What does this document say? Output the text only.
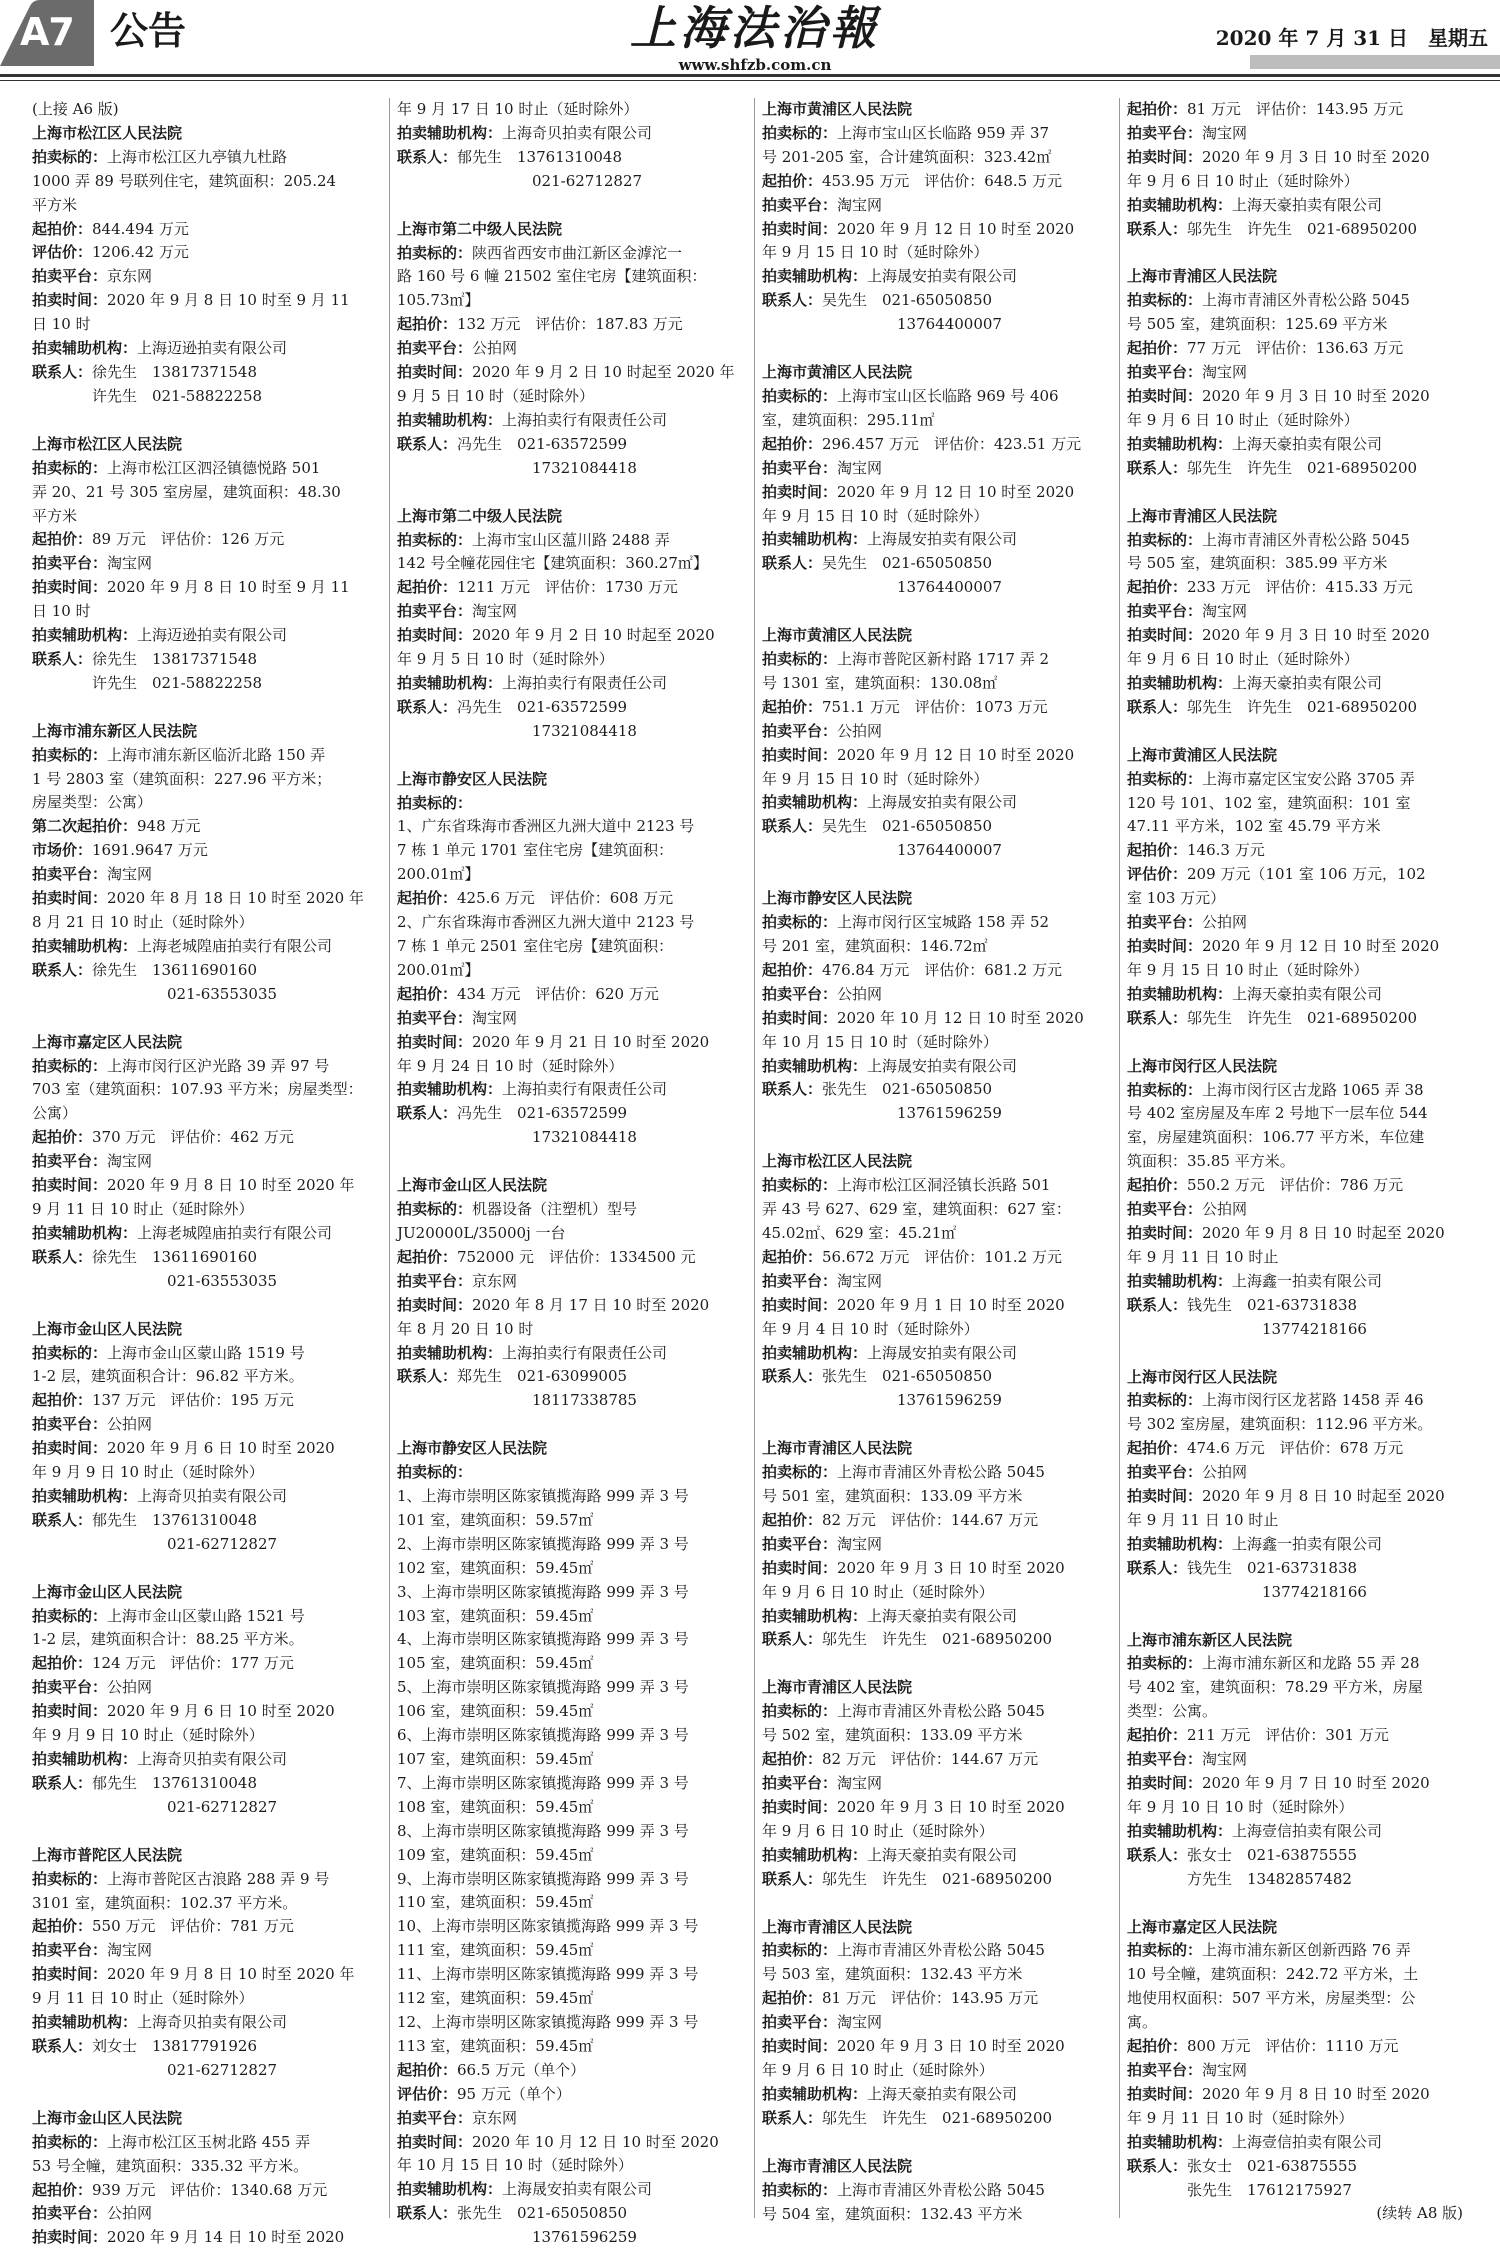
A7 公告	上海法治報
www.shfzb.com.cn
2020 年 7 月 31 日　星期五
(上接 A6 版)
上海市松江区人民法院
拍卖标的：上海市松江区九亭镇九杜路
1000 弄 89 号联列住宅，建筑面积：205.24
平方米
起拍价：844.494 万元
评估价：1206.42 万元
拍卖平台：京东网
拍卖时间：2020 年 9 月 8 日 10 时至 9 月 11
日 10 时
拍卖辅助机构：上海迈逊拍卖有限公司
联系人：徐先生　13817371548
　　　　许先生　021-58822258
上海市松江区人民法院
拍卖标的：上海市松江区泗泾镇德悦路 501
弄 20、21 号 305 室房屋，建筑面积：48.30
平方米
起拍价：89 万元　评估价：126 万元
拍卖平台：淘宝网
拍卖时间：2020 年 9 月 8 日 10 时至 9 月 11
日 10 时
拍卖辅助机构：上海迈逊拍卖有限公司
联系人：徐先生　13817371548
　　　　许先生　021-58822258
上海市浦东新区人民法院
拍卖标的：上海市浦东新区临沂北路 150 弄
1 号 2803 室（建筑面积：227.96 平方米；
房屋类型：公寓）
第二次起拍价：948 万元
市场价：1691.9647 万元
拍卖平台：淘宝网
拍卖时间：2020 年 8 月 18 日 10 时至 2020 年
8 月 21 日 10 时止（延时除外）
拍卖辅助机构：上海老城隍庙拍卖行有限公司
联系人：徐先生　13611690160
　　　　　　　　　021-63553035
上海市嘉定区人民法院
拍卖标的：上海市闵行区沪光路 39 弄 97 号
703 室（建筑面积：107.93 平方米；房屋类型：
公寓）
起拍价：370 万元　评估价：462 万元
拍卖平台：淘宝网
拍卖时间：2020 年 9 月 8 日 10 时至 2020 年
9 月 11 日 10 时止（延时除外）
拍卖辅助机构：上海老城隍庙拍卖行有限公司
联系人：徐先生　13611690160
　　　　　　　　　021-63553035
上海市金山区人民法院
拍卖标的：上海市金山区蒙山路 1519 号
1-2 层，建筑面积合计：96.82 平方米。
起拍价：137 万元　评估价：195 万元
拍卖平台：公拍网
拍卖时间：2020 年 9 月 6 日 10 时至 2020
年 9 月 9 日 10 时止（延时除外）
拍卖辅助机构：上海奇贝拍卖有限公司
联系人：郁先生　13761310048
　　　　　　　　　021-62712827
上海市金山区人民法院
拍卖标的：上海市金山区蒙山路 1521 号
1-2 层，建筑面积合计：88.25 平方米。
起拍价：124 万元　评估价：177 万元
拍卖平台：公拍网
拍卖时间：2020 年 9 月 6 日 10 时至 2020
年 9 月 9 日 10 时止（延时除外）
拍卖辅助机构：上海奇贝拍卖有限公司
联系人：郁先生　13761310048
　　　　　　　　　021-62712827
上海市普陀区人民法院
拍卖标的：上海市普陀区古浪路 288 弄 9 号
3101 室，建筑面积：102.37 平方米。
起拍价：550 万元　评估价：781 万元
拍卖平台：淘宝网
拍卖时间：2020 年 9 月 8 日 10 时至 2020 年
9 月 11 日 10 时止（延时除外）
拍卖辅助机构：上海奇贝拍卖有限公司
联系人：刘女士　13817791926
　　　　　　　　　021-62712827
上海市金山区人民法院
拍卖标的：上海市松江区玉树北路 455 弄
53 号全幢，建筑面积：335.32 平方米。
起拍价：939 万元　评估价：1340.68 万元
拍卖平台：公拍网
拍卖时间：2020 年 9 月 14 日 10 时至 2020
年 9 月 17 日 10 时止（延时除外）
拍卖辅助机构：上海奇贝拍卖有限公司
联系人：郁先生　13761310048
　　　　　　　　　021-62712827
上海市第二中级人民法院
拍卖标的：陕西省西安市曲江新区金滹沱一
路 160 号 6 幢 21502 室住宅房【建筑面积：
105.73㎡】
起拍价：132 万元　评估价：187.83 万元
拍卖平台：公拍网
拍卖时间：2020 年 9 月 2 日 10 时起至 2020 年
9 月 5 日 10 时（延时除外）
拍卖辅助机构：上海拍卖行有限责任公司
联系人：冯先生　021-63572599
　　　　　　　　　17321084418
上海市第二中级人民法院
拍卖标的：上海市宝山区蕰川路 2488 弄
142 号全幢花园住宅【建筑面积：360.27㎡】
起拍价：1211 万元　评估价：1730 万元
拍卖平台：淘宝网
拍卖时间：2020 年 9 月 2 日 10 时起至 2020
年 9 月 5 日 10 时（延时除外）
拍卖辅助机构：上海拍卖行有限责任公司
联系人：冯先生　021-63572599
　　　　　　　　　17321084418
上海市静安区人民法院
拍卖标的：
1、广东省珠海市香洲区九洲大道中 2123 号
7 栋 1 单元 1701 室住宅房【建筑面积：
200.01㎡】
起拍价：425.6 万元　评估价：608 万元
2、广东省珠海市香洲区九洲大道中 2123 号
7 栋 1 单元 2501 室住宅房【建筑面积：
200.01㎡】
起拍价：434 万元　评估价：620 万元
拍卖平台：淘宝网
拍卖时间：2020 年 9 月 21 日 10 时至 2020
年 9 月 24 日 10 时（延时除外）
拍卖辅助机构：上海拍卖行有限责任公司
联系人：冯先生　021-63572599
　　　　　　　　　17321084418
上海市金山区人民法院
拍卖标的：机器设备（注塑机）型号
JU20000L/35000j 一台
起拍价：752000 元　评估价：1334500 元
拍卖平台：京东网
拍卖时间：2020 年 8 月 17 日 10 时至 2020
年 8 月 20 日 10 时
拍卖辅助机构：上海拍卖行有限责任公司
联系人：郑先生　021-63099005
　　　　　　　　　18117338785
上海市静安区人民法院
拍卖标的：
1、上海市崇明区陈家镇揽海路 999 弄 3 号
101 室，建筑面积：59.57㎡
2、上海市崇明区陈家镇揽海路 999 弄 3 号
102 室，建筑面积：59.45㎡
3、上海市崇明区陈家镇揽海路 999 弄 3 号
103 室，建筑面积：59.45㎡
4、上海市崇明区陈家镇揽海路 999 弄 3 号
105 室，建筑面积：59.45㎡
5、上海市崇明区陈家镇揽海路 999 弄 3 号
106 室，建筑面积：59.45㎡
6、上海市崇明区陈家镇揽海路 999 弄 3 号
107 室，建筑面积：59.45㎡
7、上海市崇明区陈家镇揽海路 999 弄 3 号
108 室，建筑面积：59.45㎡
8、上海市崇明区陈家镇揽海路 999 弄 3 号
109 室，建筑面积：59.45㎡
9、上海市崇明区陈家镇揽海路 999 弄 3 号
110 室，建筑面积：59.45㎡
10、上海市崇明区陈家镇揽海路 999 弄 3 号
111 室，建筑面积：59.45㎡
11、上海市崇明区陈家镇揽海路 999 弄 3 号
112 室，建筑面积：59.45㎡
12、上海市崇明区陈家镇揽海路 999 弄 3 号
113 室，建筑面积：59.45㎡
起拍价：66.5 万元（单个）
评估价：95 万元（单个）
拍卖平台：京东网
拍卖时间：2020 年 10 月 12 日 10 时至 2020
年 10 月 15 日 10 时（延时除外）
拍卖辅助机构：上海晟安拍卖有限公司
联系人：张先生　021-65050850
　　　　　　　　　13761596259
上海市黄浦区人民法院
拍卖标的：上海市宝山区长临路 959 弄 37
号 201-205 室，合计建筑面积：323.42㎡
起拍价：453.95 万元　评估价：648.5 万元
拍卖平台：淘宝网
拍卖时间：2020 年 9 月 12 日 10 时至 2020
年 9 月 15 日 10 时（延时除外）
拍卖辅助机构：上海晟安拍卖有限公司
联系人：吴先生　021-65050850
　　　　　　　　　13764400007
上海市黄浦区人民法院
拍卖标的：上海市宝山区长临路 969 号 406
室，建筑面积：295.11㎡
起拍价：296.457 万元　评估价：423.51 万元
拍卖平台：淘宝网
拍卖时间：2020 年 9 月 12 日 10 时至 2020
年 9 月 15 日 10 时（延时除外）
拍卖辅助机构：上海晟安拍卖有限公司
联系人：吴先生　021-65050850
　　　　　　　　　13764400007
上海市黄浦区人民法院
拍卖标的：上海市普陀区新村路 1717 弄 2
号 1301 室，建筑面积：130.08㎡
起拍价：751.1 万元　评估价：1073 万元
拍卖平台：公拍网
拍卖时间：2020 年 9 月 12 日 10 时至 2020
年 9 月 15 日 10 时（延时除外）
拍卖辅助机构：上海晟安拍卖有限公司
联系人：吴先生　021-65050850
　　　　　　　　　13764400007
上海市静安区人民法院
拍卖标的：上海市闵行区宝城路 158 弄 52
号 201 室，建筑面积：146.72㎡
起拍价：476.84 万元　评估价：681.2 万元
拍卖平台：公拍网
拍卖时间：2020 年 10 月 12 日 10 时至 2020
年 10 月 15 日 10 时（延时除外）
拍卖辅助机构：上海晟安拍卖有限公司
联系人：张先生　021-65050850
　　　　　　　　　13761596259
上海市松江区人民法院
拍卖标的：上海市松江区洞泾镇长浜路 501
弄 43 号 627、629 室，建筑面积：627 室：
45.02㎡、629 室：45.21㎡
起拍价：56.672 万元　评估价：101.2 万元
拍卖平台：淘宝网
拍卖时间：2020 年 9 月 1 日 10 时至 2020
年 9 月 4 日 10 时（延时除外）
拍卖辅助机构：上海晟安拍卖有限公司
联系人：张先生　021-65050850
　　　　　　　　　13761596259
上海市青浦区人民法院
拍卖标的：上海市青浦区外青松公路 5045
号 501 室，建筑面积：133.09 平方米
起拍价：82 万元　评估价：144.67 万元
拍卖平台：淘宝网
拍卖时间：2020 年 9 月 3 日 10 时至 2020
年 9 月 6 日 10 时止（延时除外）
拍卖辅助机构：上海天豪拍卖有限公司
联系人：邬先生　许先生　021-68950200
上海市青浦区人民法院
拍卖标的：上海市青浦区外青松公路 5045
号 502 室，建筑面积：133.09 平方米
起拍价：82 万元　评估价：144.67 万元
拍卖平台：淘宝网
拍卖时间：2020 年 9 月 3 日 10 时至 2020
年 9 月 6 日 10 时止（延时除外）
拍卖辅助机构：上海天豪拍卖有限公司
联系人：邬先生　许先生　021-68950200
上海市青浦区人民法院
拍卖标的：上海市青浦区外青松公路 5045
号 503 室，建筑面积：132.43 平方米
起拍价：81 万元　评估价：143.95 万元
拍卖平台：淘宝网
拍卖时间：2020 年 9 月 3 日 10 时至 2020
年 9 月 6 日 10 时止（延时除外）
拍卖辅助机构：上海天豪拍卖有限公司
联系人：邬先生　许先生　021-68950200
上海市青浦区人民法院
拍卖标的：上海市青浦区外青松公路 5045
号 504 室，建筑面积：132.43 平方米
起拍价：81 万元　评估价：143.95 万元
拍卖平台：淘宝网
拍卖时间：2020 年 9 月 3 日 10 时至 2020
年 9 月 6 日 10 时止（延时除外）
拍卖辅助机构：上海天豪拍卖有限公司
联系人：邬先生　许先生　021-68950200
上海市青浦区人民法院
拍卖标的：上海市青浦区外青松公路 5045
号 505 室，建筑面积：125.69 平方米
起拍价：77 万元　评估价：136.63 万元
拍卖平台：淘宝网
拍卖时间：2020 年 9 月 3 日 10 时至 2020
年 9 月 6 日 10 时止（延时除外）
拍卖辅助机构：上海天豪拍卖有限公司
联系人：邬先生　许先生　021-68950200
上海市青浦区人民法院
拍卖标的：上海市青浦区外青松公路 5045
号 505 室，建筑面积：385.99 平方米
起拍价：233 万元　评估价：415.33 万元
拍卖平台：淘宝网
拍卖时间：2020 年 9 月 3 日 10 时至 2020
年 9 月 6 日 10 时止（延时除外）
拍卖辅助机构：上海天豪拍卖有限公司
联系人：邬先生　许先生　021-68950200
上海市黄浦区人民法院
拍卖标的：上海市嘉定区宝安公路 3705 弄
120 号 101、102 室，建筑面积：101 室
47.11 平方米，102 室 45.79 平方米
起拍价：146.3 万元
评估价：209 万元（101 室 106 万元，102
室 103 万元）
拍卖平台：公拍网
拍卖时间：2020 年 9 月 12 日 10 时至 2020
年 9 月 15 日 10 时止（延时除外）
拍卖辅助机构：上海天豪拍卖有限公司
联系人：邬先生　许先生　021-68950200
上海市闵行区人民法院
拍卖标的：上海市闵行区古龙路 1065 弄 38
号 402 室房屋及车库 2 号地下一层车位 544
室，房屋建筑面积：106.77 平方米，车位建
筑面积：35.85 平方米。
起拍价：550.2 万元　评估价：786 万元
拍卖平台：公拍网
拍卖时间：2020 年 9 月 8 日 10 时起至 2020
年 9 月 11 日 10 时止
拍卖辅助机构：上海鑫一拍卖有限公司
联系人：钱先生　021-63731838
　　　　　　　　　13774218166
上海市闵行区人民法院
拍卖标的：上海市闵行区龙茗路 1458 弄 46
号 302 室房屋，建筑面积：112.96 平方米。
起拍价：474.6 万元　评估价：678 万元
拍卖平台：公拍网
拍卖时间：2020 年 9 月 8 日 10 时起至 2020
年 9 月 11 日 10 时止
拍卖辅助机构：上海鑫一拍卖有限公司
联系人：钱先生　021-63731838
　　　　　　　　　13774218166
上海市浦东新区人民法院
拍卖标的：上海市浦东新区和龙路 55 弄 28
号 402 室，建筑面积：78.29 平方米，房屋
类型：公寓。
起拍价：211 万元　评估价：301 万元
拍卖平台：淘宝网
拍卖时间：2020 年 9 月 7 日 10 时至 2020
年 9 月 10 日 10 时（延时除外）
拍卖辅助机构：上海壹信拍卖有限公司
联系人：张女士　021-63875555
　　　　方先生　13482857482
上海市嘉定区人民法院
拍卖标的：上海市浦东新区创新西路 76 弄
10 号全幢，建筑面积：242.72 平方米，土
地使用权面积：507 平方米，房屋类型：公
寓。
起拍价：800 万元　评估价：1110 万元
拍卖平台：淘宝网
拍卖时间：2020 年 9 月 8 日 10 时至 2020
年 9 月 11 日 10 时（延时除外）
拍卖辅助机构：上海壹信拍卖有限公司
联系人：张女士　021-63875555
　　　　张先生　17612175927
(续转 A8 版)
